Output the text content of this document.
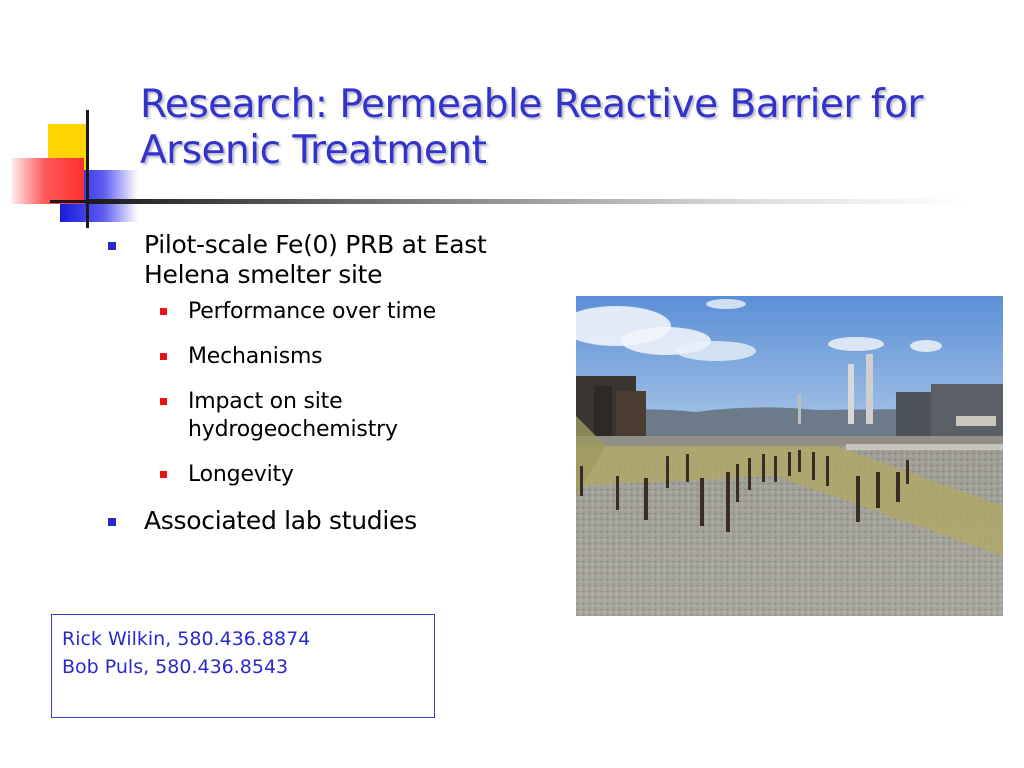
Research: Permeable Reactive Barrier for Arsenic Treatment
Pilot-scale Fe(0) PRB at East Helena smelter site
Performance over time
Mechanisms
Impact on site hydrogeochemistry
Longevity
Associated lab studies
Rick Wilkin, 580.436.8874
Bob Puls, 580.436.8543
